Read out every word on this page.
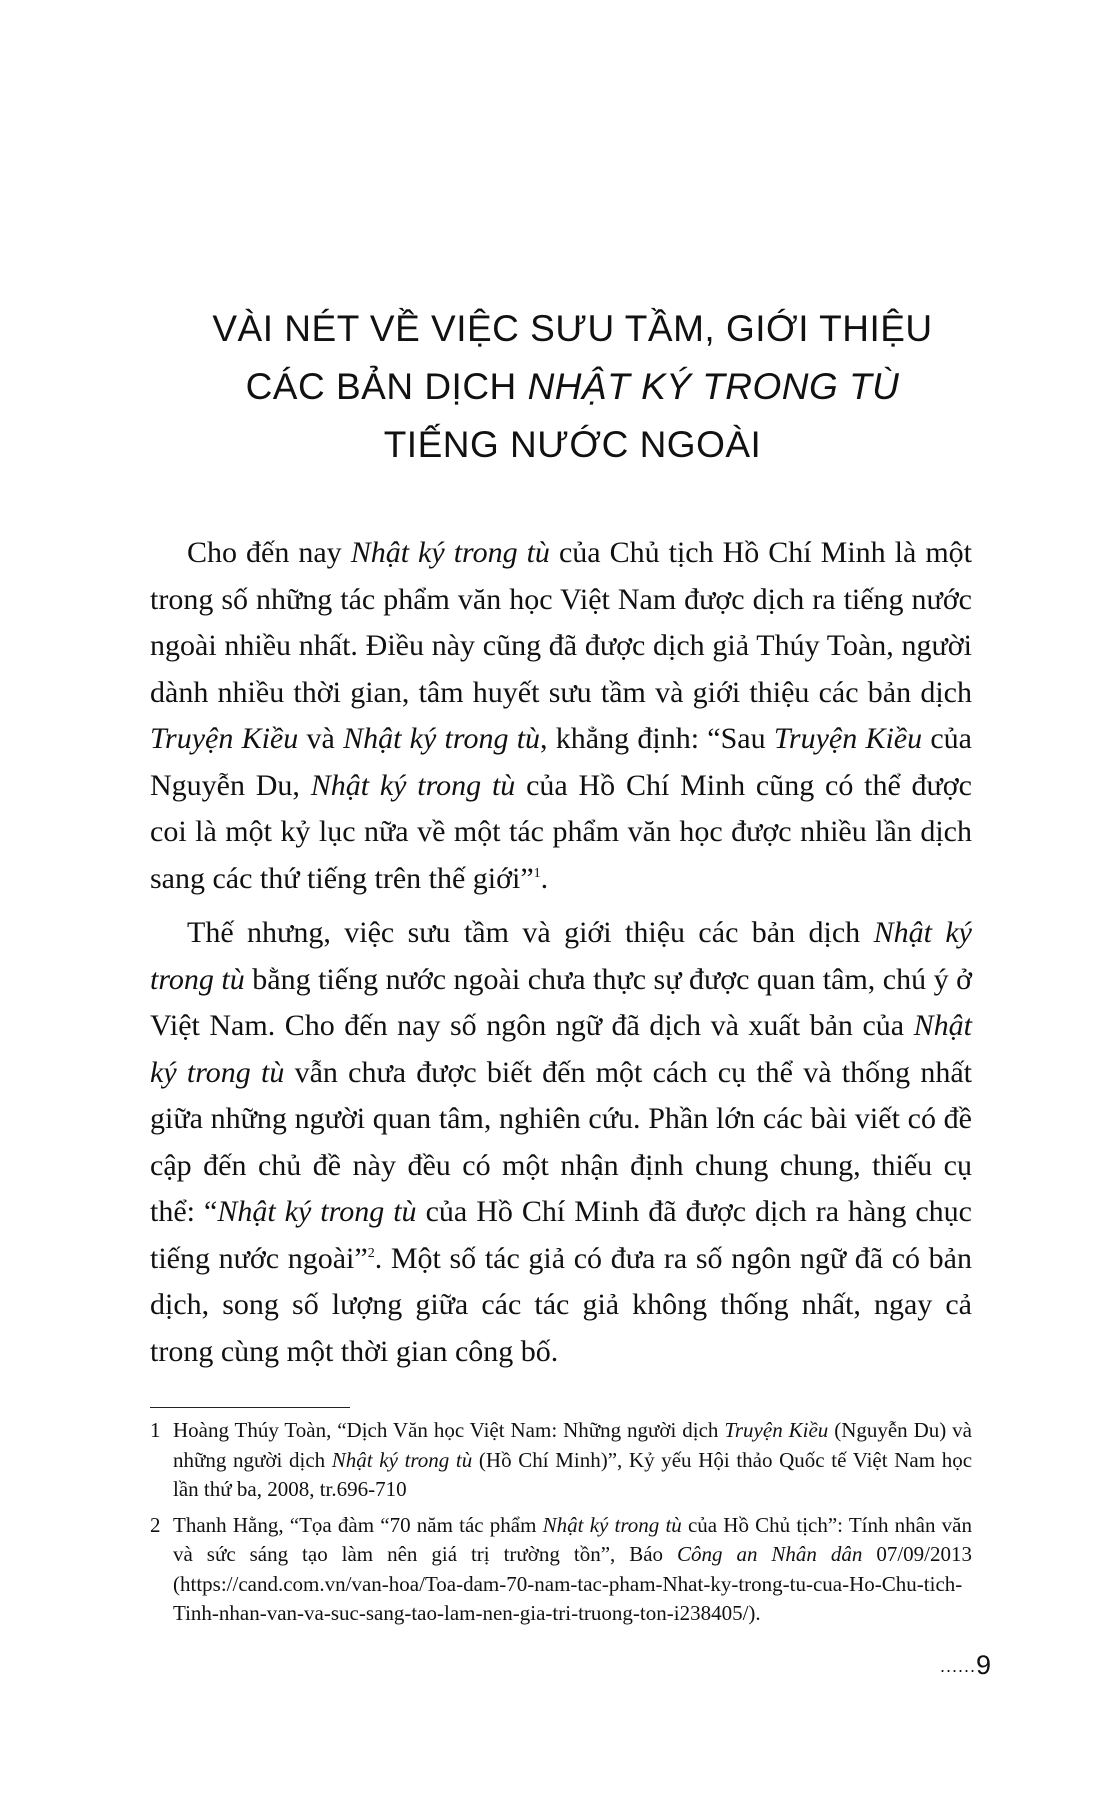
VÀI NÉT VỀ VIỆC SƯU TẦM, GIỚI THIỆU
CÁC BẢN DỊCH NHẬT KÝ TRONG TÙ
TIẾNG NƯỚC NGOÀI

Cho đến nay Nhật ký trong tù của Chủ tịch Hồ Chí Minh là một trong số những tác phẩm văn học Việt Nam được dịch ra tiếng nước ngoài nhiều nhất. Điều này cũng đã được dịch giả Thúy Toàn, người dành nhiều thời gian, tâm huyết sưu tầm và giới thiệu các bản dịch Truyện Kiều và Nhật ký trong tù, khẳng định: “Sau Truyện Kiều của Nguyễn Du, Nhật ký trong tù của Hồ Chí Minh cũng có thể được coi là một kỷ lục nữa về một tác phẩm văn học được nhiều lần dịch sang các thứ tiếng trên thế giới”$^1$.

Thế nhưng, việc sưu tầm và giới thiệu các bản dịch Nhật ký trong tù bằng tiếng nước ngoài chưa thực sự được quan tâm, chú ý ở Việt Nam. Cho đến nay số ngôn ngữ đã dịch và xuất bản của Nhật ký trong tù vẫn chưa được biết đến một cách cụ thể và thống nhất giữa những người quan tâm, nghiên cứu. Phần lớn các bài viết có đề cập đến chủ đề này đều có một nhận định chung chung, thiếu cụ thể: “Nhật ký trong tù của Hồ Chí Minh đã được dịch ra hàng chục tiếng nước ngoài”$^2$. Một số tác giả có đưa ra số ngôn ngữ đã có bản dịch, song số lượng giữa các tác giả không thống nhất, ngay cả trong cùng một thời gian công bố.

1 Hoàng Thúy Toàn, “Dịch Văn học Việt Nam: Những người dịch Truyện Kiều (Nguyễn Du) và những người dịch Nhật ký trong tù (Hồ Chí Minh)”, Kỷ yếu Hội thảo Quốc tế Việt Nam học lần thứ ba, 2008, tr.696-710
2 Thanh Hằng, “Tọa đàm “70 năm tác phẩm Nhật ký trong tù của Hồ Chủ tịch”: Tính nhân văn và sức sáng tạo làm nên giá trị trường tồn”, Báo Công an Nhân dân 07/09/2013 (https://cand.com.vn/van-hoa/Toa-dam-70-nam-tac-pham-Nhat-ky-trong-tu-cua-Ho-Chu-tich-Tinh-nhan-van-va-suc-sang-tao-lam-nen-gia-tri-truong-ton-i238405/).
......9
